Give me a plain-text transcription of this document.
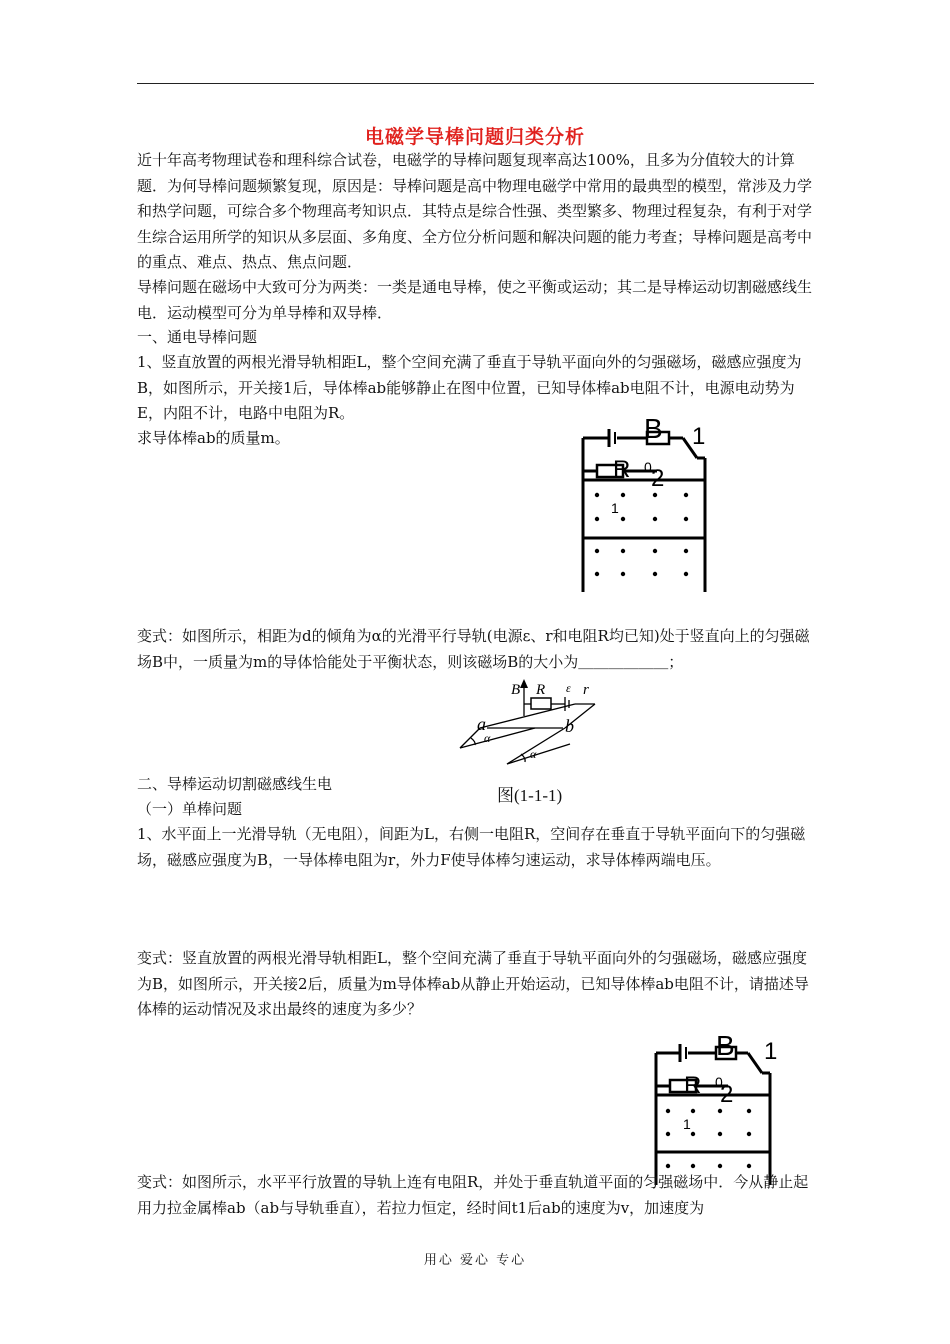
电磁学导棒问题归类分析

近十年高考物理试卷和理科综合试卷，电磁学的导棒问题复现率高达100%，且多为分值较大的计算题．为何导棒问题频繁复现，原因是：导棒问题是高中物理电磁学中常用的最典型的模型，常涉及力学和热学问题，可综合多个物理高考知识点．其特点是综合性强、类型繁多、物理过程复杂，有利于对学生综合运用所学的知识从多层面、多角度、全方位分析问题和解决问题的能力考查；导棒问题是高考中的重点、难点、热点、焦点问题．

导棒问题在磁场中大致可分为两类：一类是通电导棒，使之平衡或运动；其二是导棒运动切割磁感线生电．运动模型可分为单导棒和双导棒．

一、通电导棒问题

1、竖直放置的两根光滑导轨相距L，整个空间充满了垂直于导轨平面向外的匀强磁场，磁感应强度为B，如图所示，开关接1后，导体棒ab能够静止在图中位置，已知导体棒ab电阻不计，电源电动势为E，内阻不计，电路中电阻为R。

求导体棒ab的质量m。	B 1
R 0 2
1

变式：如图所示，相距为d的倾角为α的光滑平行导轨(电源ε、r和电阻R均已知)处于竖直向上的匀强磁场B中，一质量为m的导体恰能处于平衡状态，则该磁场B的大小为＿＿＿＿＿＿；

B R ε r
a	b
α
α
图(1-1-1)
二、导棒运动切割磁感线生电
（一）单棒问题

1、水平面上一光滑导轨（无电阻），间距为L，右侧一电阻R，空间存在垂直于导轨平面向下的匀强磁场，磁感应强度为B，一导体棒电阻为r，外力F使导体棒匀速运动，求导体棒两端电压。

变式：竖直放置的两根光滑导轨相距L，整个空间充满了垂直于导轨平面向外的匀强磁场，磁感应强度为B，如图所示，开关接2后，质量为m导体棒ab从静止开始运动，已知导体棒ab电阻不计，请描述导体棒的运动情况及求出最终的速度为多少？

B 1
R 0
2
1

变式：如图所示，水平平行放置的导轨上连有电阻R，并处于垂直轨道平面的匀强磁场中．今从静止起用力拉金属棒ab（ab与导轨垂直），若拉力恒定，经时间t1后ab的速度为v，加速度为

用心 爱心 专心
